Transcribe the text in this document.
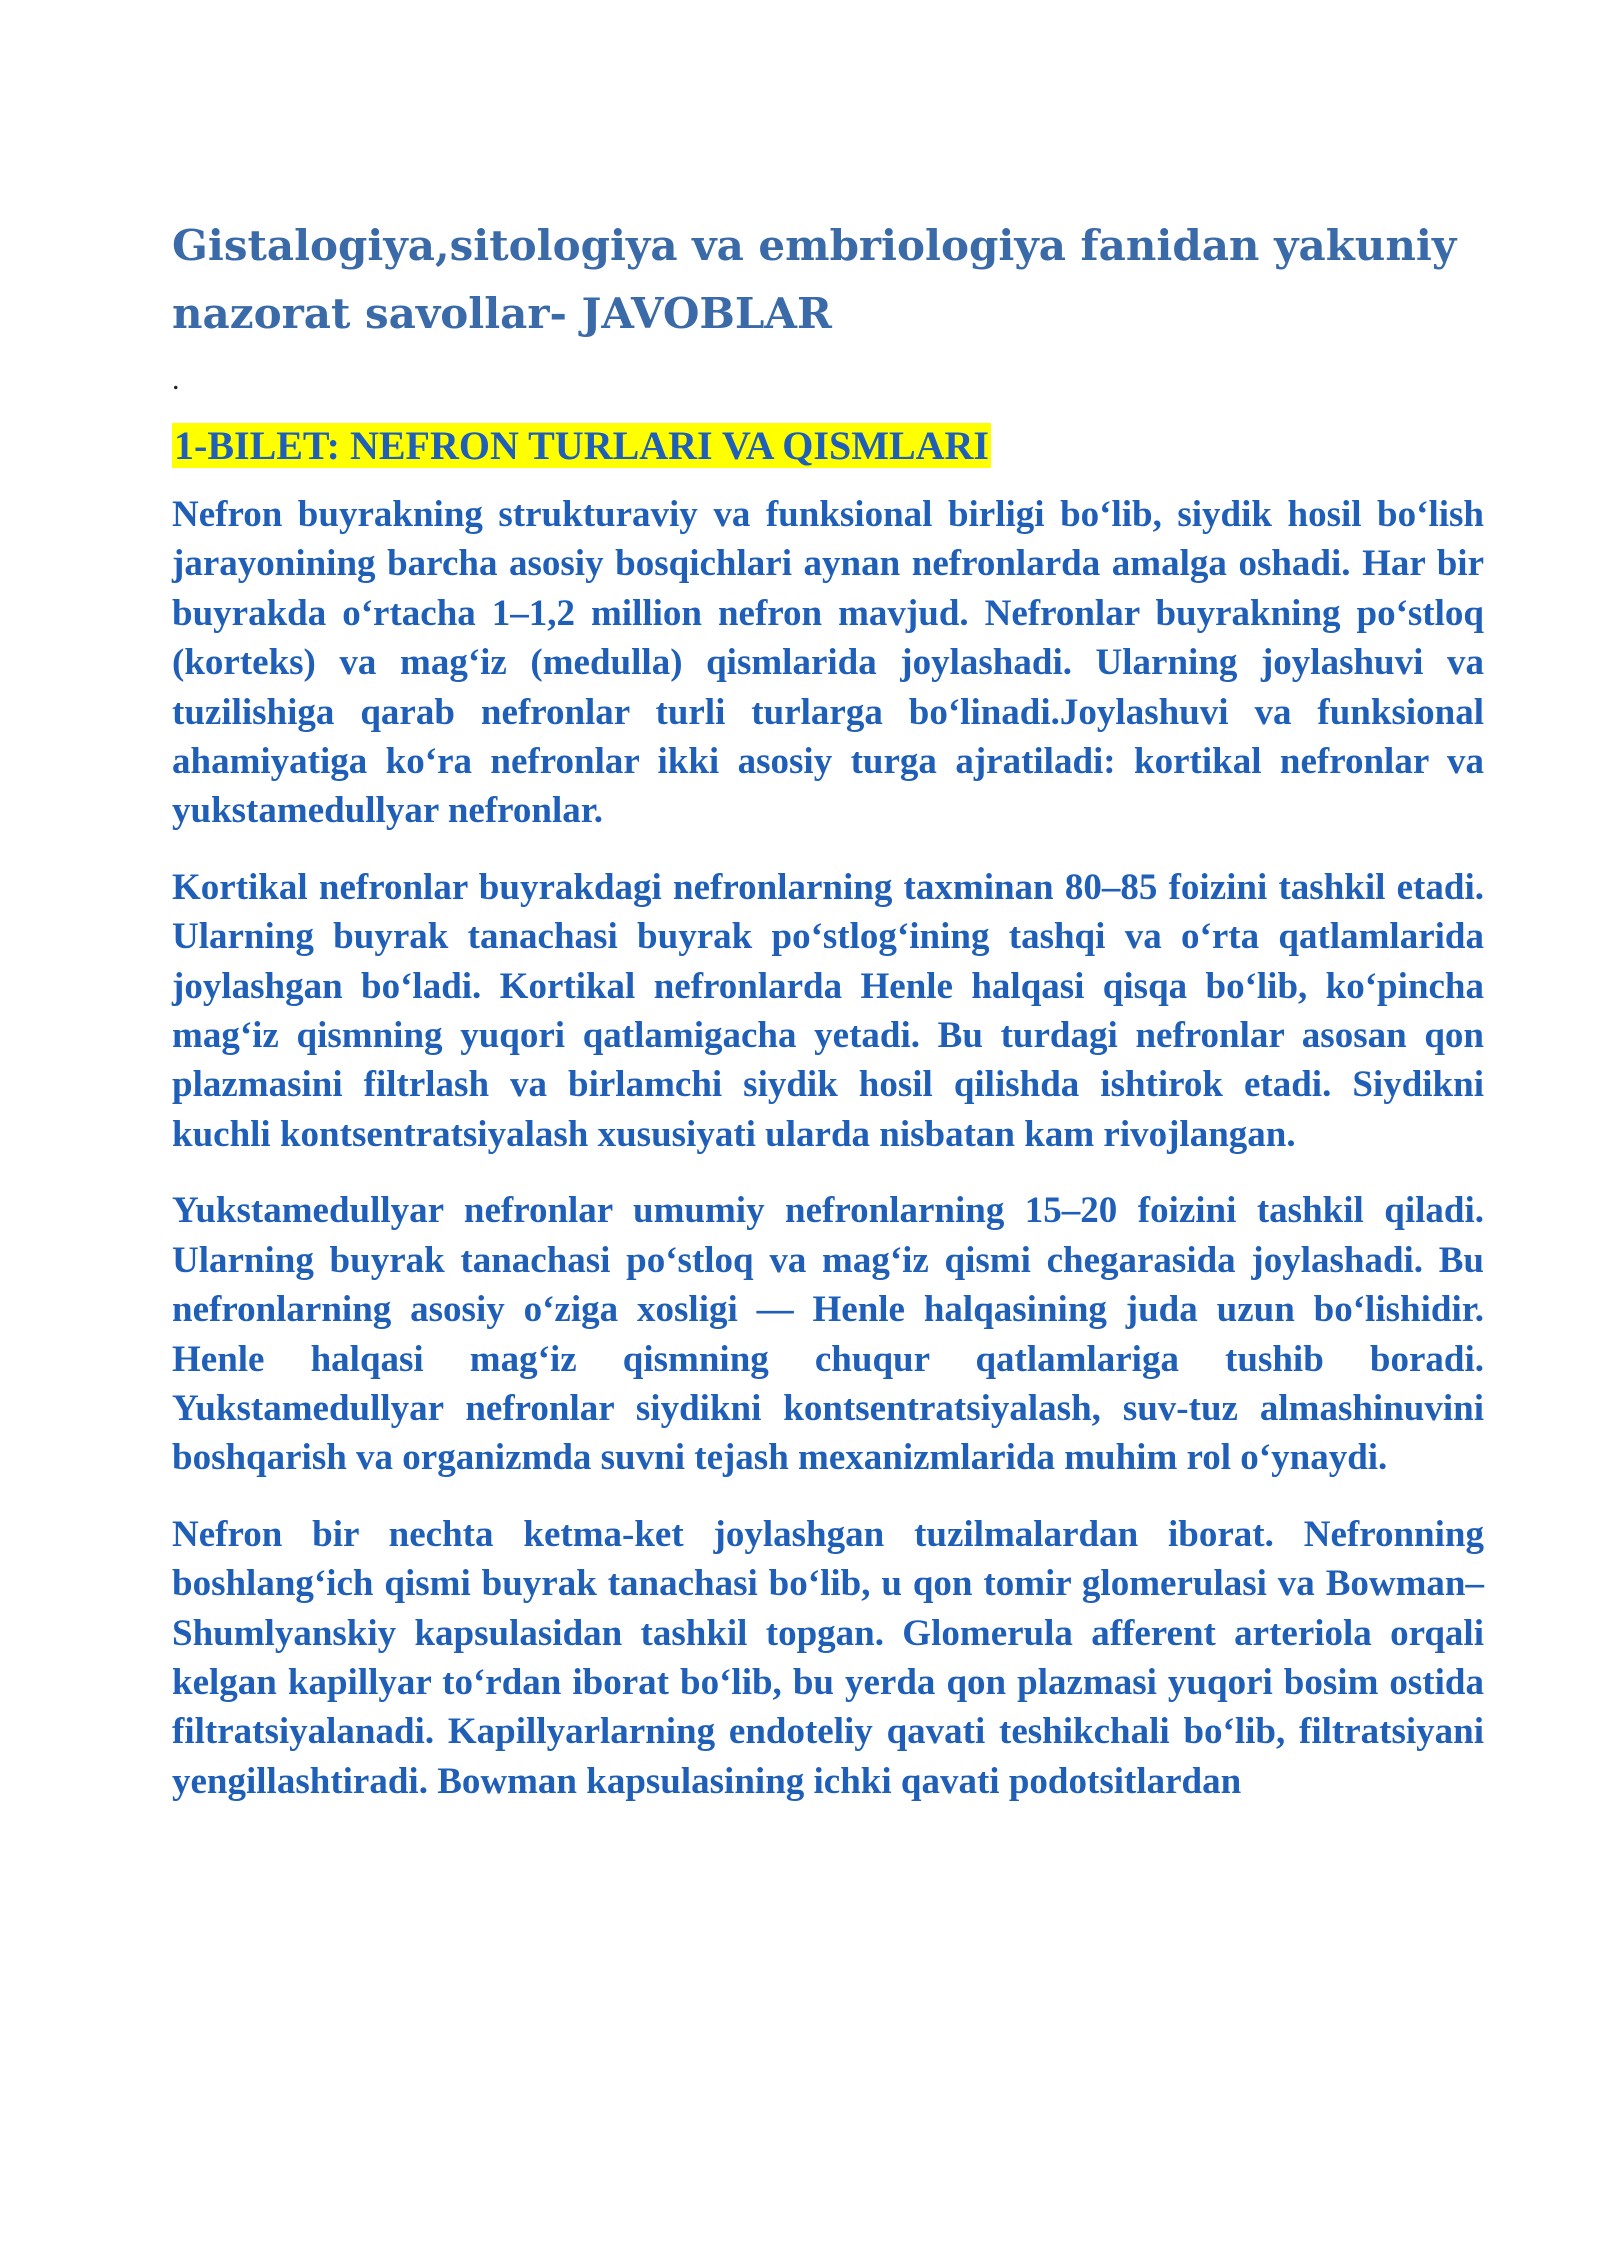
Gistalogiya,sitologiya va embriologiya fanidan yakuniy nazorat savollar- JAVOBLAR

.

1-BILET: NEFRON TURLARI VA QISMLARI

Nefron buyrakning strukturaviy va funksional birligi bo‘lib, siydik hosil bo‘lish jarayonining barcha asosiy bosqichlari aynan nefronlarda amalga oshadi. Har bir buyrakda o‘rtacha 1–1,2 million nefron mavjud. Nefronlar buyrakning po‘stloq (korteks) va mag‘iz (medulla) qismlarida joylashadi. Ularning joylashuvi va tuzilishiga qarab nefronlar turli turlarga bo‘linadi.Joylashuvi va funksional ahamiyatiga ko‘ra nefronlar ikki asosiy turga ajratiladi: kortikal nefronlar va yukstamedullyar nefronlar.

Kortikal nefronlar buyrakdagi nefronlarning taxminan 80–85 foizini tashkil etadi. Ularning buyrak tanachasi buyrak po‘stlog‘ining tashqi va o‘rta qatlamlarida joylashgan bo‘ladi. Kortikal nefronlarda Henle halqasi qisqa bo‘lib, ko‘pincha mag‘iz qismning yuqori qatlamigacha yetadi. Bu turdagi nefronlar asosan qon plazmasini filtrlash va birlamchi siydik hosil qilishda ishtirok etadi. Siydikni kuchli kontsentratsiyalash xususiyati ularda nisbatan kam rivojlangan.

Yukstamedullyar nefronlar umumiy nefronlarning 15–20 foizini tashkil qiladi. Ularning buyrak tanachasi po‘stloq va mag‘iz qismi chegarasida joylashadi. Bu nefronlarning asosiy o‘ziga xosligi — Henle halqasining juda uzun bo‘lishidir. Henle halqasi mag‘iz qismning chuqur qatlamlariga tushib boradi. Yukstamedullyar nefronlar siydikni kontsentratsiyalash, suv-tuz almashinuvini boshqarish va organizmda suvni tejash mexanizmlarida muhim rol o‘ynaydi.

Nefron bir nechta ketma-ket joylashgan tuzilmalardan iborat. Nefronning boshlang‘ich qismi buyrak tanachasi bo‘lib, u qon tomir glomerulasi va Bowman–Shumlyanskiy kapsulasidan tashkil topgan. Glomerula afferent arteriola orqali kelgan kapillyar to‘rdan iborat bo‘lib, bu yerda qon plazmasi yuqori bosim ostida filtratsiyalanadi. Kapillyarlarning endoteliy qavati teshikchali bo‘lib, filtratsiyani yengillashtiradi. Bowman kapsulasining ichki qavati podotsitlardan
